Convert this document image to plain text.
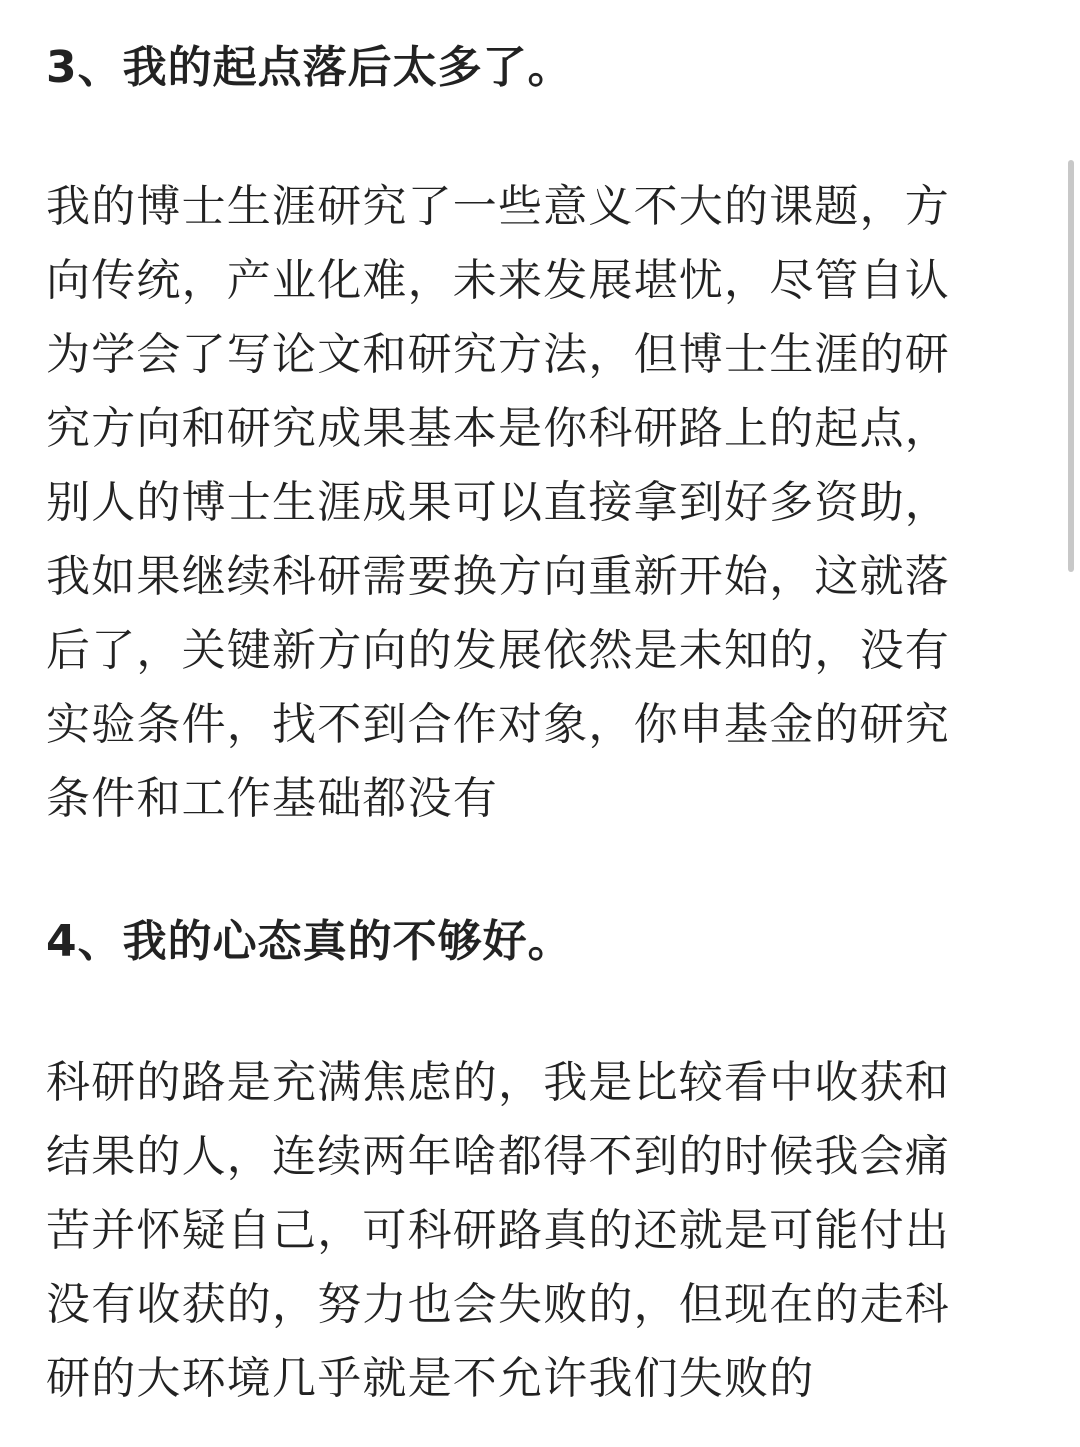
3、我的起点落后太多了。
我的博士生涯研究了一些意义不大的课题，方
向传统，产业化难，未来发展堪忧，尽管自认
为学会了写论文和研究方法，但博士生涯的研
究方向和研究成果基本是你科研路上的起点，
别人的博士生涯成果可以直接拿到好多资助，
我如果继续科研需要换方向重新开始，这就落
后了，关键新方向的发展依然是未知的，没有
实验条件，找不到合作对象，你申基金的研究
条件和工作基础都没有
4、我的心态真的不够好。
科研的路是充满焦虑的，我是比较看中收获和
结果的人，连续两年啥都得不到的时候我会痛
苦并怀疑自己，可科研路真的还就是可能付出
没有收获的，努力也会失败的，但现在的走科
研的大环境几乎就是不允许我们失败的
